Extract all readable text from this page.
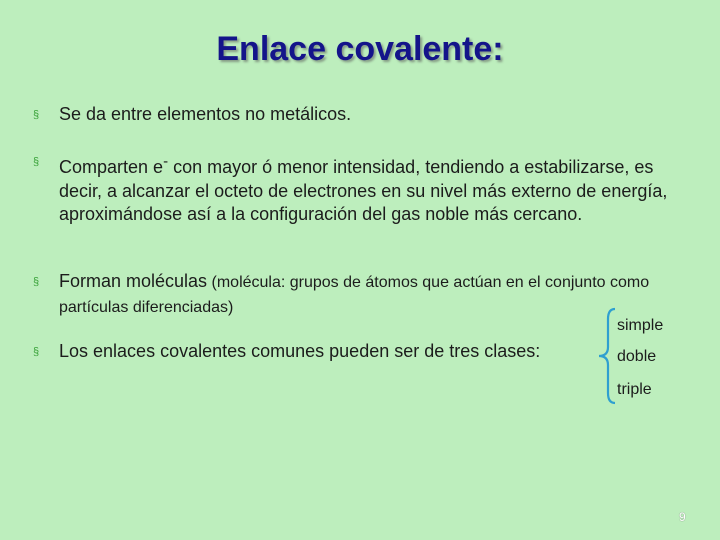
Enlace covalente:
§ Se da entre elementos no metálicos.
§ Comparten e- con mayor ó menor intensidad, tendiendo a estabilizarse, es decir, a alcanzar el octeto de electrones en su nivel más externo de energía, aproximándose así a la configuración del gas noble más cercano.
§ Forman moléculas (molécula: grupos de átomos que actúan en el conjunto como partículas diferenciadas)
§ Los enlaces covalentes comunes pueden ser de tres clases:
simple
doble
triple
9
